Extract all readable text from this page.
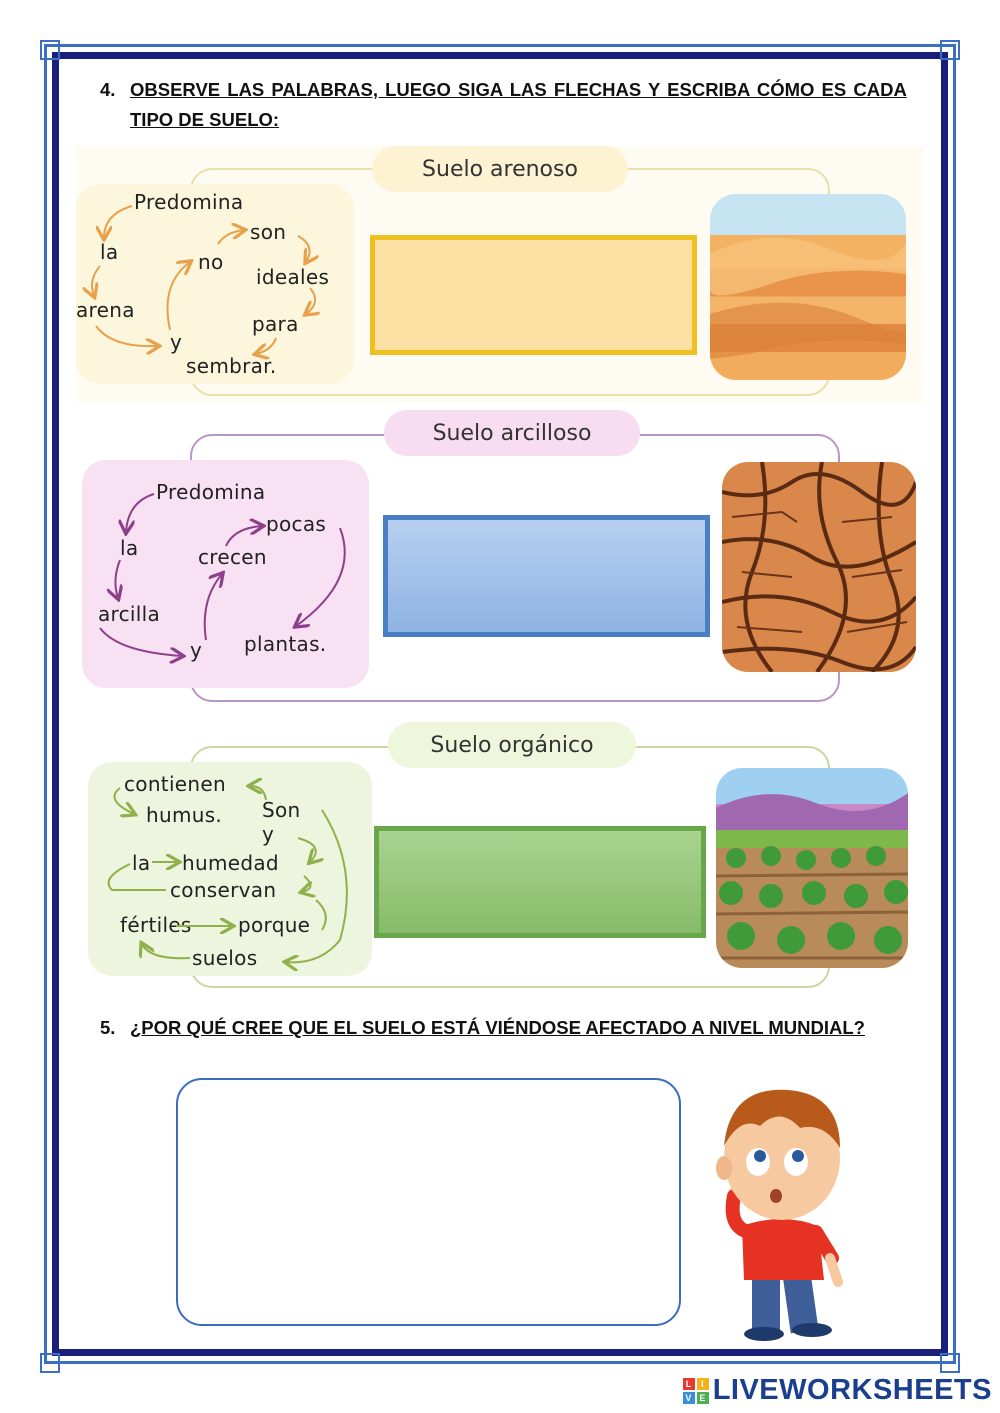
4. OBSERVE LAS PALABRAS, LUEGO SIGA LAS FLECHAS Y ESCRIBA CÓMO ES CADA
TIPO DE SUELO:
Suelo arenoso
Predomina
la
arena
y
no
son
ideales
para
sembrar.
Suelo arcilloso
Predomina
la
arcilla
y
crecen
pocas
plantas.
Suelo orgánico
contienen
humus. Son
y
la humedad
conservan
fértiles porque
suelos
5. ¿POR QUÉ CREE QUE EL SUELO ESTÁ VIÉNDOSE AFECTADO A NIVEL MUNDIAL?
L	I
V E LIVEWORKSHEETS
